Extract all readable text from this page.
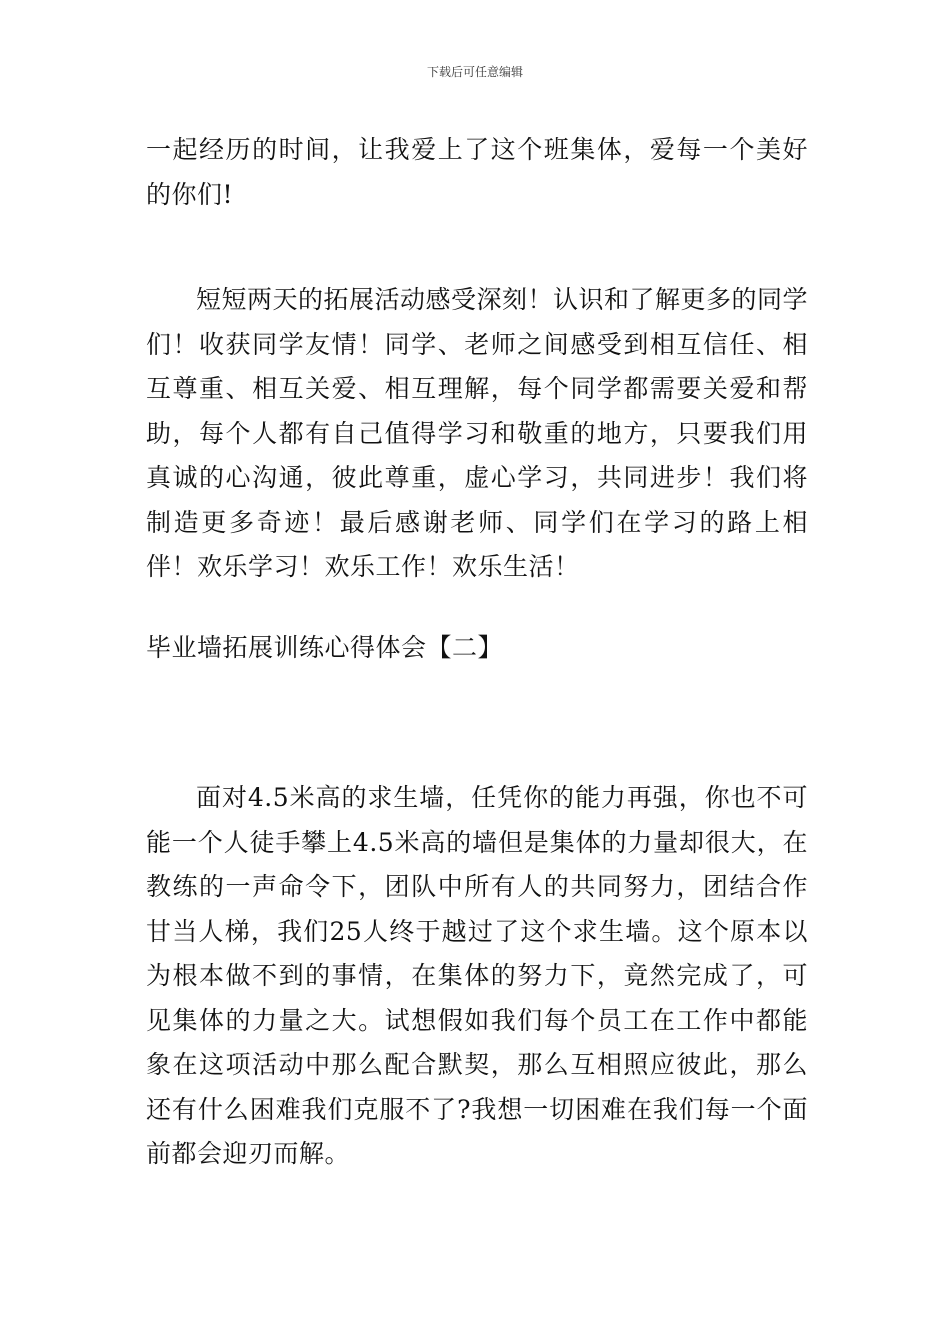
下载后可任意编辑

一起经历的时间，让我爱上了这个班集体，爱每一个美好的你们!

短短两天的拓展活动感受深刻！认识和了解更多的同学们！收获同学友情！同学、老师之间感受到相互信任、相互尊重、相互关爱、相互理解，每个同学都需要关爱和帮助，每个人都有自己值得学习和敬重的地方，只要我们用真诚的心沟通，彼此尊重，虚心学习，共同进步！我们将制造更多奇迹！最后感谢老师、同学们在学习的路上相伴！欢乐学习！欢乐工作！欢乐生活！

毕业墙拓展训练心得体会【二】

面对4.5米高的求生墙，任凭你的能力再强，你也不可能一个人徒手攀上4.5米高的墙但是集体的力量却很大，在教练的一声命令下，团队中所有人的共同努力，团结合作甘当人梯，我们25人终于越过了这个求生墙。这个原本以为根本做不到的事情，在集体的努力下，竟然完成了，可见集体的力量之大。试想假如我们每个员工在工作中都能象在这项活动中那么配合默契，那么互相照应彼此，那么还有什么困难我们克服不了?我想一切困难在我们每一个面前都会迎刃而解。
